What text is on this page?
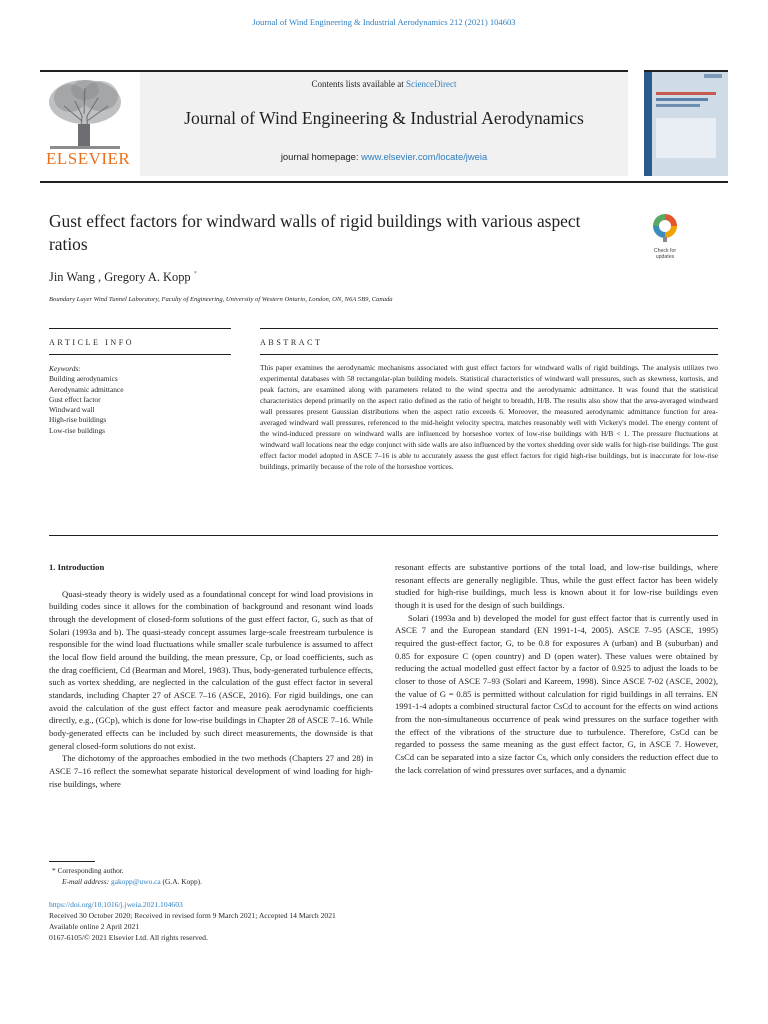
Journal of Wind Engineering & Industrial Aerodynamics 212 (2021) 104603
ELSEVIER
Contents lists available at ScienceDirect
Journal of Wind Engineering & Industrial Aerodynamics
journal homepage: www.elsevier.com/locate/jweia
Gust effect factors for windward walls of rigid buildings with various aspect ratios	Check for updates
Jin Wang , Gregory A. Kopp *
Boundary Layer Wind Tunnel Laboratory, Faculty of Engineering, University of Western Ontario, London, ON, N6A 5B9, Canada
ARTICLE INFO	ABSTRACT
Keywords:
Building aerodynamics
Aerodynamic admittance
Gust effect factor
Windward wall
High-rise buildings
Low-rise buildings
This paper examines the aerodynamic mechanisms associated with gust effect factors for windward walls of rigid buildings. The analysis utilizes two experimental databases with 58 rectangular-plan building models. Statistical characteristics of windward wall pressures, such as skewness, kurtosis, and peak factors, are examined along with parameters related to the wind spectra and the aerodynamic admittance. It was found that the statistical characteristics depend primarily on the aspect ratio defined as the ratio of height to breadth, H/B. The results also show that the area-averaged windward wall pressures present Gaussian distributions when the aspect ratio exceeds 6. Moreover, the measured aerodynamic admittance function for area-averaged windward wall pressures, referenced to the mid-height velocity spectra, matches reasonably well with Vickery's model. The energy content of the wind-induced pressure on windward walls are influenced by horseshoe vortex of low-rise buildings with H/B < 1. The pressure fluctuations at windward wall locations near the edge conjunct with side walls are also influenced by the vortex shedding over side walls for high-rise buildings. The gust effect factor model adopted in ASCE 7–16 is able to accurately assess the gust effect factors for rigid high-rise buildings, but is inaccurate for low-rise buildings, primarily because of the role of the horseshoe vortices.
1. Introduction

Quasi-steady theory is widely used as a foundational concept for wind load provisions in building codes since it allows for the combination of background and resonant wind loads through the development of closed-form solutions of the gust effect factor, G, such as that of Solari (1993a and b). The quasi-steady concept assumes large-scale freestream turbulence is responsible for the wind load fluctuations while smaller scale turbulence is assumed to affect the local flow field around the building, the mean pressure, Cp, or load coefficients, such as the drag coefficient, Cd (Bearman and Morel, 1983). Thus, body-generated turbulence effects, such as vortex shedding, are neglected in the calculation of the gust effect factor in several standards, including Chapter 27 of ASCE 7–16 (ASCE, 2016). For rigid buildings, one can avoid the calculation of the gust effect factor and measure peak aerodynamic coefficients directly, e.g., (GCp), which is done for low-rise buildings in Chapter 28 of ASCE 7–16. While body-generated effects can be included by such direct measurements, the downside is that general closed-form solutions do not exist.

The dichotomy of the approaches embodied in the two methods (Chapters 27 and 28) in ASCE 7–16 reflect the somewhat separate historical development of wind loading for high-rise buildings, where

resonant effects are substantive portions of the total load, and low-rise buildings, where resonant effects are generally negligible. Thus, while the gust effect factor has been widely studied for high-rise buildings, much less is known about it for low-rise buildings even though it is used for the design of such buildings.

Solari (1993a and b) developed the model for gust effect factor that is currently used in ASCE 7 and the European standard (EN 1991-1-4, 2005). ASCE 7–95 (ASCE, 1995) required the gust-effect factor, G, to be 0.8 for exposures A (urban) and B (suburban) and 0.85 for exposure C (open country) and D (open water). These values were obtained by reducing the actual modelled gust effect factor by a factor of 0.925 to adjust the loads to be closer to those of ASCE 7–93 (Solari and Kareem, 1998). Since ASCE 7-02 (ASCE, 2002), the value of G = 0.85 is permitted without calculation for rigid buildings in all terrains. EN 1991-1-4 adopts a combined structural factor CsCd to account for the effects on wind actions from the non-simultaneous occurrence of peak wind pressures on the surface together with the effect of the vibrations of the structure due to turbulence. Therefore, CsCd can be regarded to possess the same meaning as the gust effect factor, G, in ASCE 7. However, CsCd can be separated into a size factor Cs, which only considers the reduction effect due to the lack correlation of wind pressures over surfaces, and a dynamic

* Corresponding author.
E-mail address: gakopp@uwo.ca (G.A. Kopp).
https://doi.org/10.1016/j.jweia.2021.104603
Received 30 October 2020; Received in revised form 9 March 2021; Accepted 14 March 2021
Available online 2 April 2021
0167-6105/© 2021 Elsevier Ltd. All rights reserved.
